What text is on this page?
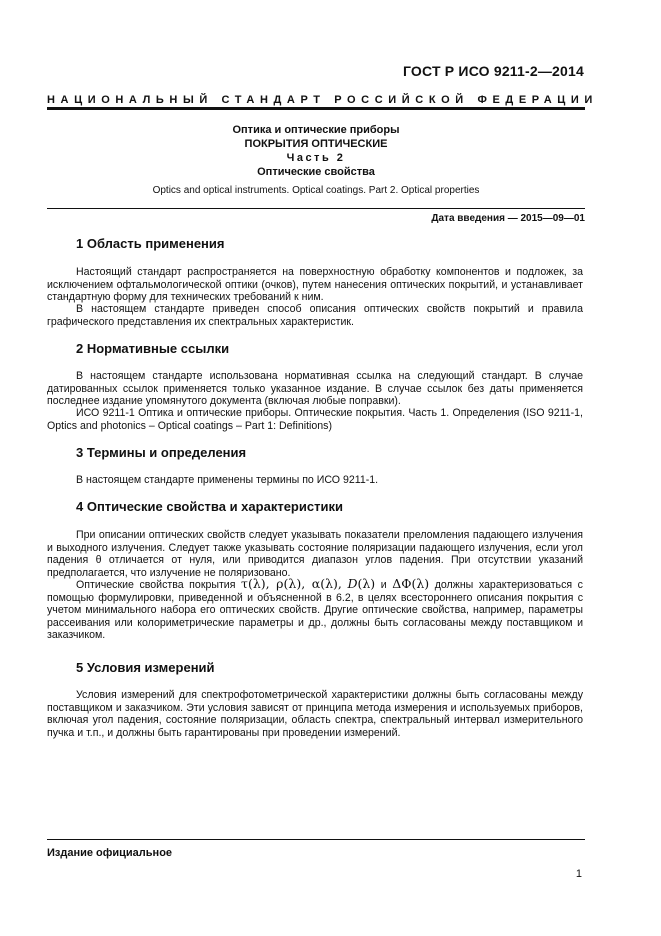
ГОСТ Р ИСО 9211-2—2014
НАЦИОНАЛЬНЫЙ СТАНДАРТ РОССИЙСКОЙ ФЕДЕРАЦИИ
Оптика и оптические приборы
ПОКРЫТИЯ ОПТИЧЕСКИЕ
Часть 2
Оптические свойства
Optics and optical instruments. Optical coatings. Part 2. Optical properties
Дата введения — 2015—09—01
1 Область применения
Настоящий стандарт распространяется на поверхностную обработку компонентов и подложек, за исключением офтальмологической оптики (очков), путем нанесения оптических покрытий, и устанавливает стандартную форму для технических требований к ним.
В настоящем стандарте приведен способ описания оптических свойств покрытий и правила графического представления их спектральных характеристик.
2 Нормативные ссылки
В настоящем стандарте использована нормативная ссылка на следующий стандарт. В случае датированных ссылок применяется только указанное издание. В случае ссылок без даты применяется последнее издание упомянутого документа (включая любые поправки).
ИСО 9211-1 Оптика и оптические приборы. Оптические покрытия. Часть 1. Определения (ISO 9211-1, Optics and photonics – Optical coatings – Part 1: Definitions)
3 Термины и определения
В настоящем стандарте применены термины по ИСО 9211-1.
4 Оптические свойства и характеристики
При описании оптических свойств следует указывать показатели преломления падающего излучения и выходного излучения. Следует также указывать состояние поляризации падающего излучения, если угол падения θ отличается от нуля, или приводится диапазон углов падения. При отсутствии указаний предполагается, что излучение не поляризовано.
Оптические свойства покрытия τ(λ), ρ(λ), α(λ), D(λ) и ΔΦ(λ) должны характеризоваться с помощью формулировки, приведенной и объясненной в 6.2, в целях всестороннего описания покрытия с учетом минимального набора его оптических свойств. Другие оптические свойства, например, параметры рассеивания или колориметрические параметры и др., должны быть согласованы между поставщиком и заказчиком.
5 Условия измерений
Условия измерений для спектрофотометрической характеристики должны быть согласованы между поставщиком и заказчиком. Эти условия зависят от принципа метода измерения и используемых приборов, включая угол падения, состояние поляризации, область спектра, спектральный интервал измерительного пучка и т.п., и должны быть гарантированы при проведении измерений.
Издание официальное
1
